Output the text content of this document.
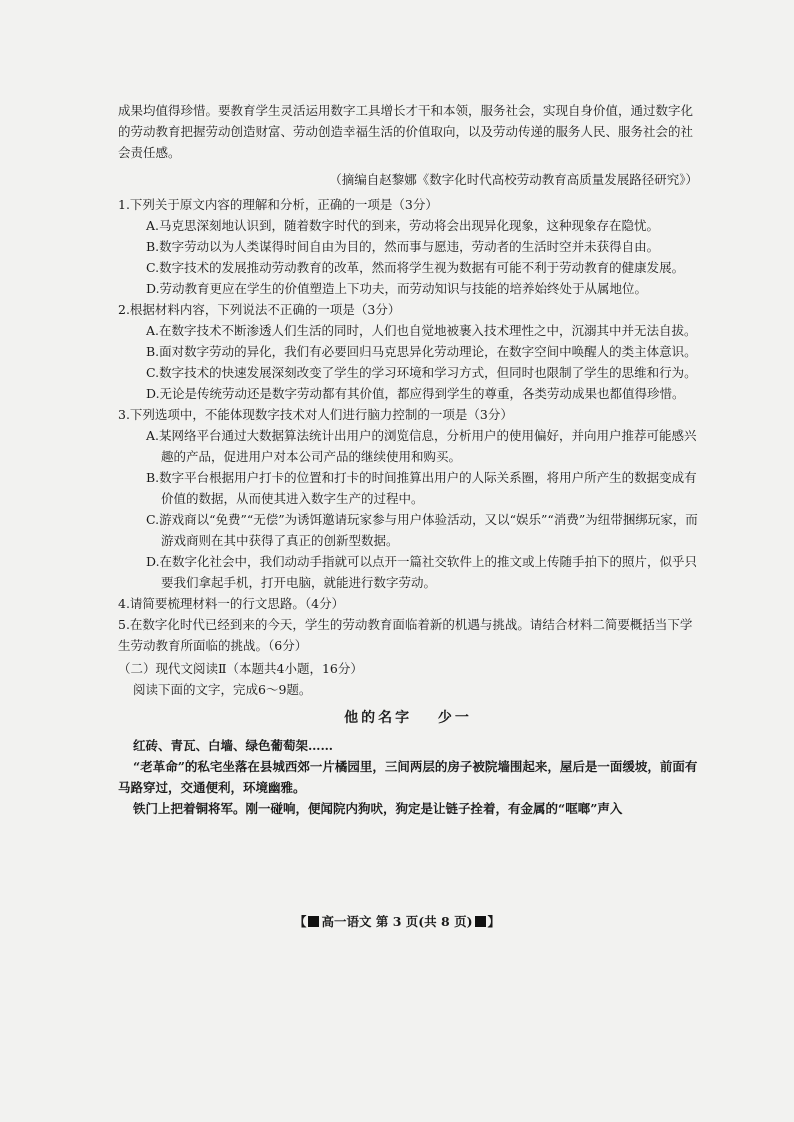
成果均值得珍惜。要教育学生灵活运用数字工具增长才干和本领，服务社会，实现自身价值，通过数字化的劳动教育把握劳动创造财富、劳动创造幸福生活的价值取向，以及劳动传递的服务人民、服务社会的社会责任感。

（摘编自赵黎娜《数字化时代高校劳动教育高质量发展路径研究》）

1.下列关于原文内容的理解和分析，正确的一项是（3分）

A.马克思深刻地认识到，随着数字时代的到来，劳动将会出现异化现象，这种现象存在隐忧。

B.数字劳动以为人类谋得时间自由为目的，然而事与愿违，劳动者的生活时空并未获得自由。

C.数字技术的发展推动劳动教育的改革，然而将学生视为数据有可能不利于劳动教育的健康发展。

D.劳动教育更应在学生的价值塑造上下功夫，而劳动知识与技能的培养始终处于从属地位。

2.根据材料内容，下列说法不正确的一项是（3分）

A.在数字技术不断渗透人们生活的同时，人们也自觉地被裹入技术理性之中，沉溺其中并无法自拔。

B.面对数字劳动的异化，我们有必要回归马克思异化劳动理论，在数字空间中唤醒人的类主体意识。

C.数字技术的快速发展深刻改变了学生的学习环境和学习方式，但同时也限制了学生的思维和行为。

D.无论是传统劳动还是数字劳动都有其价值，都应得到学生的尊重，各类劳动成果也都值得珍惜。

3.下列选项中，不能体现数字技术对人们进行脑力控制的一项是（3分）

A.某网络平台通过大数据算法统计出用户的浏览信息，分析用户的使用偏好，并向用户推荐可能感兴趣的产品，促进用户对本公司产品的继续使用和购买。

B.数字平台根据用户打卡的位置和打卡的时间推算出用户的人际关系圈，将用户所产生的数据变成有价值的数据，从而使其进入数字生产的过程中。

C.游戏商以“免费”“无偿”为诱饵邀请玩家参与用户体验活动，又以“娱乐”“消费”为纽带捆绑玩家，而游戏商则在其中获得了真正的创新型数据。

D.在数字化社会中，我们动动手指就可以点开一篇社交软件上的推文或上传随手拍下的照片，似乎只要我们拿起手机，打开电脑，就能进行数字劳动。

4.请简要梳理材料一的行文思路。（4分）

5.在数字化时代已经到来的今天，学生的劳动教育面临着新的机遇与挑战。请结合材料二简要概括当下学生劳动教育所面临的挑战。（6分）

（二）现代文阅读Ⅱ（本题共4小题，16分）

阅读下面的文字，完成6～9题。

他的名字 少一

红砖、青瓦、白墙、绿色葡萄架……

“老革命”的私宅坐落在县城西郊一片橘园里，三间两层的房子被院墙围起来，屋后是一面缓坡，前面有马路穿过，交通便利，环境幽雅。

铁门上把着铜将军。刚一碰响，便闻院内狗吠，狗定是让链子拴着，有金属的“哐啷”声入

【 高一语文 第 3 页(共 8 页) 】
